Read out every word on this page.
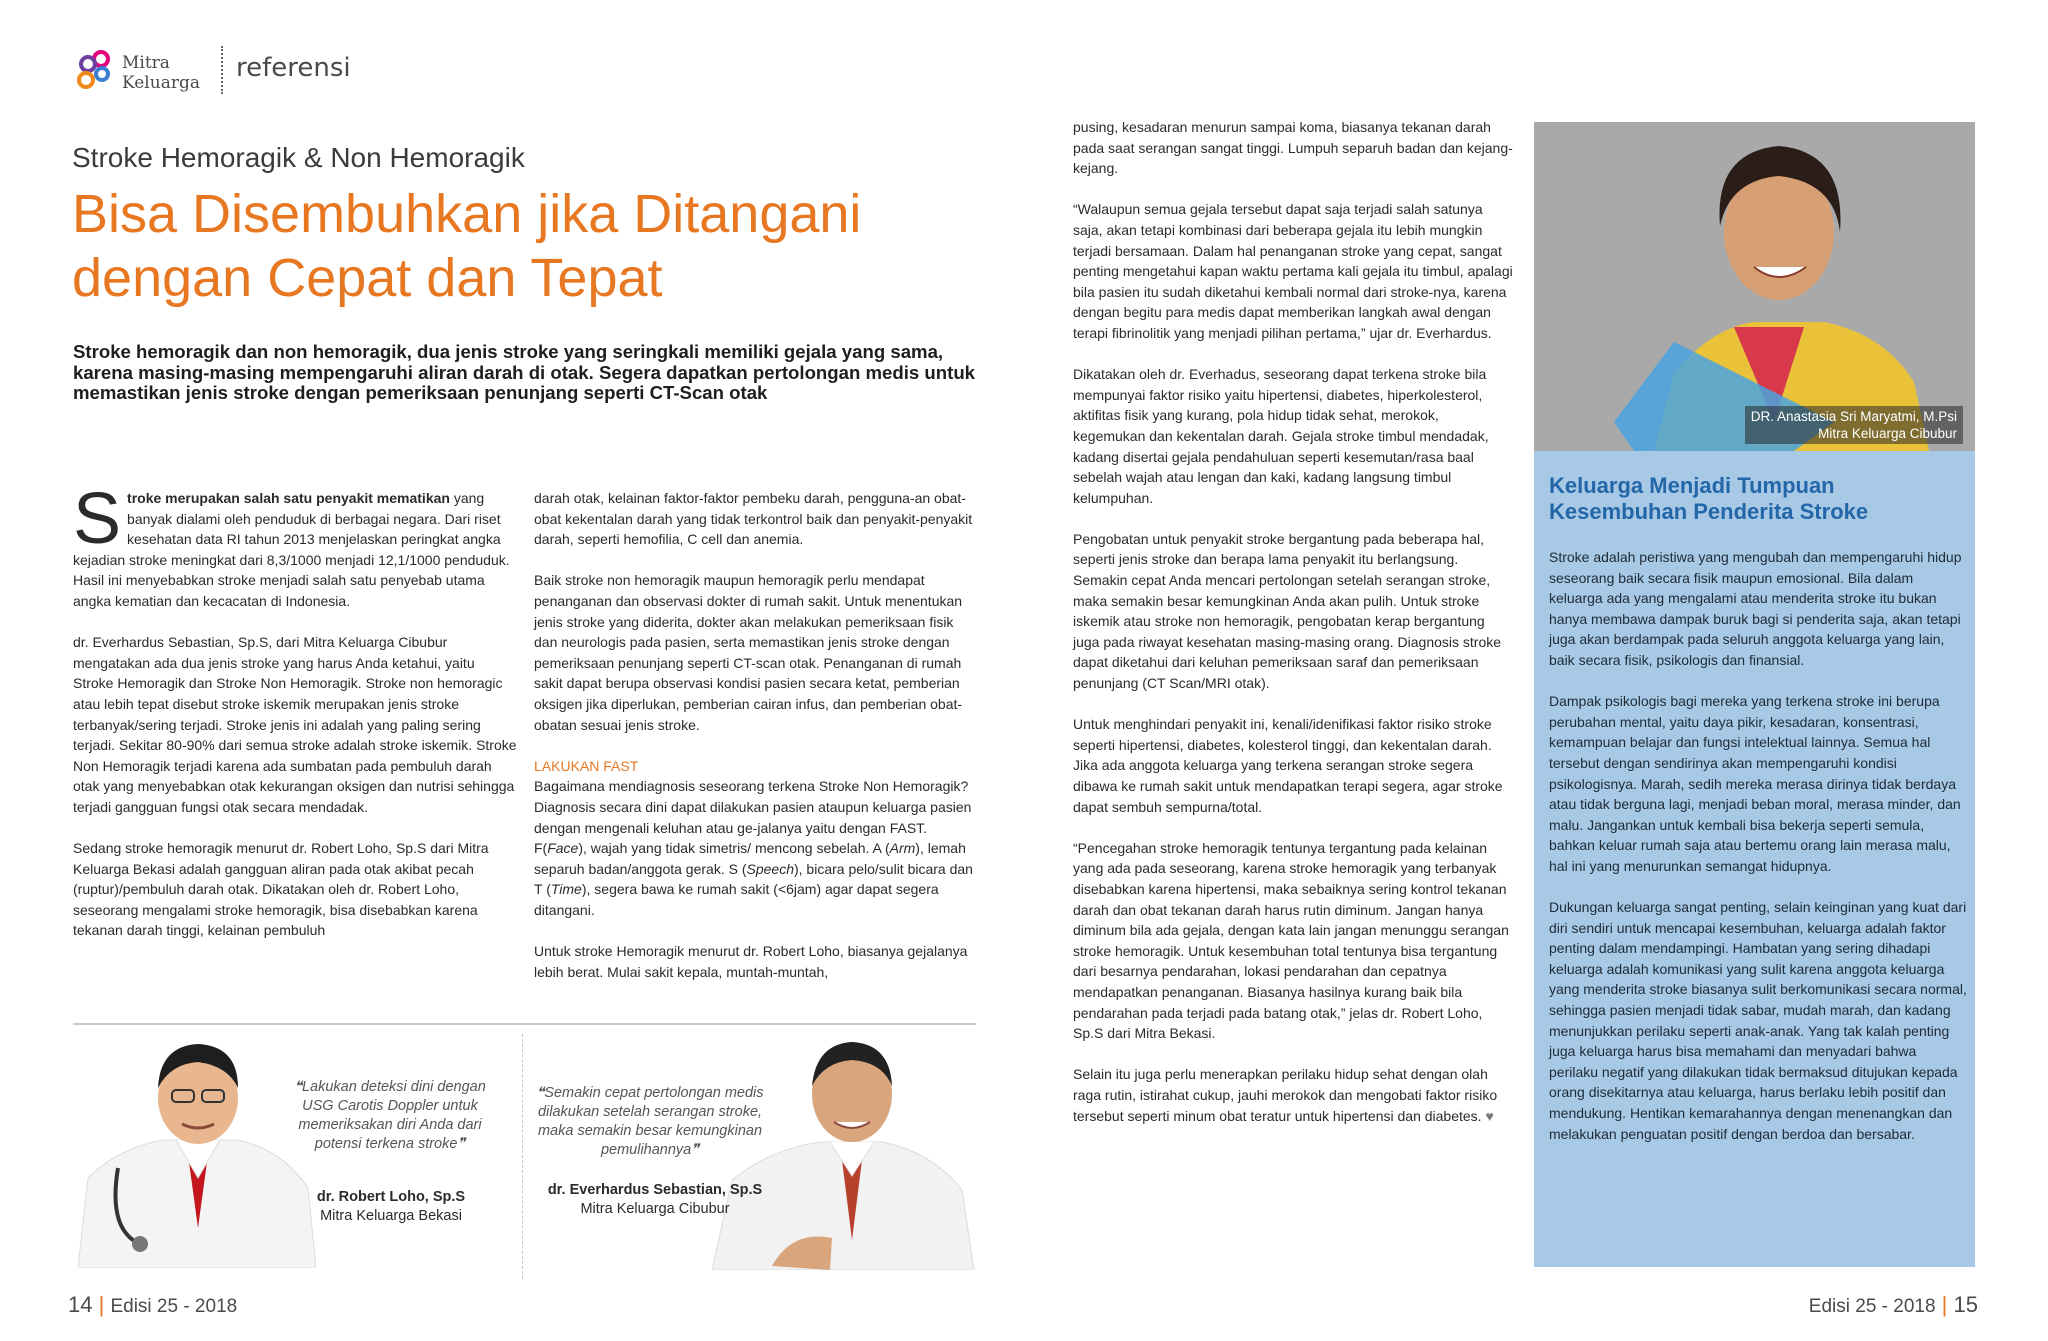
Mitra
Keluarga referensi
Stroke Hemoragik & Non Hemoragik
Bisa Disembuhkan jika Ditangani
dengan Cepat dan Tepat

Stroke hemoragik dan non hemoragik, dua jenis stroke yang seringkali memiliki gejala yang sama, karena masing-masing mempengaruhi aliran darah di otak. Segera dapatkan pertolongan medis untuk memastikan jenis stroke dengan pemeriksaan penunjang seperti CT-Scan otak

Stroke merupakan salah satu penyakit mematikan yang banyak dialami oleh penduduk di berbagai negara. Dari riset kesehatan data RI tahun 2013 menjelaskan peringkat angka kejadian stroke meningkat dari 8,3/1000 menjadi 12,1/1000 penduduk. Hasil ini menyebabkan stroke menjadi salah satu penyebab utama angka kematian dan kecacatan di Indonesia.

dr. Everhardus Sebastian, Sp.S, dari Mitra Keluarga Cibubur mengatakan ada dua jenis stroke yang harus Anda ketahui, yaitu Stroke Hemoragik dan Stroke Non Hemoragik. Stroke non hemoragic atau lebih tepat disebut stroke iskemik merupakan jenis stroke terbanyak/sering terjadi. Stroke jenis ini adalah yang paling sering terjadi. Sekitar 80-90% dari semua stroke adalah stroke iskemik. Stroke Non Hemoragik terjadi karena ada sumbatan pada pembuluh darah otak yang menyebabkan otak kekurangan oksigen dan nutrisi sehingga terjadi gangguan fungsi otak secara mendadak.

Sedang stroke hemoragik menurut dr. Robert Loho, Sp.S dari Mitra Keluarga Bekasi adalah gangguan aliran pada otak akibat pecah (ruptur)/pembuluh darah otak. Dikatakan oleh dr. Robert Loho, seseorang mengalami stroke hemoragik, bisa disebabkan karena tekanan darah tinggi, kelainan pembuluh

darah otak, kelainan faktor-faktor pembeku darah, pengguna-an obat-obat kekentalan darah yang tidak terkontrol baik dan penyakit-penyakit darah, seperti hemofilia, C cell dan anemia.

Baik stroke non hemoragik maupun hemoragik perlu mendapat penanganan dan observasi dokter di rumah sakit. Untuk menentukan jenis stroke yang diderita, dokter akan melakukan pemeriksaan fisik dan neurologis pada pasien, serta memastikan jenis stroke dengan pemeriksaan penunjang seperti CT-scan otak. Penanganan di rumah sakit dapat berupa observasi kondisi pasien secara ketat, pemberian oksigen jika diperlukan, pemberian cairan infus, dan pemberian obat-obatan sesuai jenis stroke.

LAKUKAN FAST

Bagaimana mendiagnosis seseorang terkena Stroke Non Hemoragik? Diagnosis secara dini dapat dilakukan pasien ataupun keluarga pasien dengan mengenali keluhan atau ge-jalanya yaitu dengan FAST. F(Face), wajah yang tidak simetris/ mencong sebelah. A (Arm), lemah separuh badan/anggota gerak. S (Speech), bicara pelo/sulit bicara dan T (Time), segera bawa ke rumah sakit (<6jam) agar dapat segera ditangani.

Untuk stroke Hemoragik menurut dr. Robert Loho, biasanya gejalanya lebih berat. Mulai sakit kepala, muntah-muntah,

❝Lakukan deteksi dini dengan USG Carotis Doppler untuk memeriksakan diri Anda dari potensi terkena stroke❞
dr. Robert Loho, Sp.S
Mitra Keluarga Bekasi
❝Semakin cepat pertolongan medis dilakukan setelah serangan stroke, maka semakin besar kemungkinan pemulihannya❞
dr. Everhardus Sebastian, Sp.S
Mitra Keluarga Cibubur

pusing, kesadaran menurun sampai koma, biasanya tekanan darah pada saat serangan sangat tinggi. Lumpuh separuh badan dan kejang-kejang.

“Walaupun semua gejala tersebut dapat saja terjadi salah satunya saja, akan tetapi kombinasi dari beberapa gejala itu lebih mungkin terjadi bersamaan. Dalam hal penanganan stroke yang cepat, sangat penting mengetahui kapan waktu pertama kali gejala itu timbul, apalagi bila pasien itu sudah diketahui kembali normal dari stroke-nya, karena dengan begitu para medis dapat memberikan langkah awal dengan terapi fibrinolitik yang menjadi pilihan pertama,” ujar dr. Everhardus.

Dikatakan oleh dr. Everhadus, seseorang dapat terkena stroke bila mempunyai faktor risiko yaitu hipertensi, diabetes, hiperkolesterol, aktifitas fisik yang kurang, pola hidup tidak sehat, merokok, kegemukan dan kekentalan darah. Gejala stroke timbul mendadak, kadang disertai gejala pendahuluan seperti kesemutan/rasa baal sebelah wajah atau lengan dan kaki, kadang langsung timbul kelumpuhan.

Pengobatan untuk penyakit stroke bergantung pada beberapa hal, seperti jenis stroke dan berapa lama penyakit itu berlangsung. Semakin cepat Anda mencari pertolongan setelah serangan stroke, maka semakin besar kemungkinan Anda akan pulih. Untuk stroke iskemik atau stroke non hemoragik, pengobatan kerap bergantung juga pada riwayat kesehatan masing-masing orang. Diagnosis stroke dapat diketahui dari keluhan pemeriksaan saraf dan pemeriksaan penunjang (CT Scan/MRI otak).

Untuk menghindari penyakit ini, kenali/idenifikasi faktor risiko stroke seperti hipertensi, diabetes, kolesterol tinggi, dan kekentalan darah. Jika ada anggota keluarga yang terkena serangan stroke segera dibawa ke rumah sakit untuk mendapatkan terapi segera, agar stroke dapat sembuh sempurna/total.

“Pencegahan stroke hemoragik tentunya tergantung pada kelainan yang ada pada seseorang, karena stroke hemoragik yang terbanyak disebabkan karena hipertensi, maka sebaiknya sering kontrol tekanan darah dan obat tekanan darah harus rutin diminum. Jangan hanya diminum bila ada gejala, dengan kata lain jangan menunggu serangan stroke hemoragik. Untuk kesembuhan total tentunya bisa tergantung dari besarnya pendarahan, lokasi pendarahan dan cepatnya mendapatkan penanganan. Biasanya hasilnya kurang baik bila pendarahan pada terjadi pada batang otak,” jelas dr. Robert Loho, Sp.S dari Mitra Bekasi.

Selain itu juga perlu menerapkan perilaku hidup sehat dengan olah raga rutin, istirahat cukup, jauhi merokok dan mengobati faktor risiko tersebut seperti minum obat teratur untuk hipertensi dan diabetes. ♥

DR. Anastasia Sri Maryatmi, M.Psi
Mitra Keluarga Cibubur
Keluarga Menjadi Tumpuan Kesembuhan Penderita Stroke

Stroke adalah peristiwa yang mengubah dan mempengaruhi hidup seseorang baik secara fisik maupun emosional. Bila dalam keluarga ada yang mengalami atau menderita stroke itu bukan hanya membawa dampak buruk bagi si penderita saja, akan tetapi juga akan berdampak pada seluruh anggota keluarga yang lain, baik secara fisik, psikologis dan finansial.

Dampak psikologis bagi mereka yang terkena stroke ini berupa perubahan mental, yaitu daya pikir, kesadaran, konsentrasi, kemampuan belajar dan fungsi intelektual lainnya. Semua hal tersebut dengan sendirinya akan mempengaruhi kondisi psikologisnya. Marah, sedih mereka merasa dirinya tidak berdaya atau tidak berguna lagi, menjadi beban moral, merasa minder, dan malu. Jangankan untuk kembali bisa bekerja seperti semula, bahkan keluar rumah saja atau bertemu orang lain merasa malu, hal ini yang menurunkan semangat hidupnya.

Dukungan keluarga sangat penting, selain keinginan yang kuat dari diri sendiri untuk mencapai kesembuhan, keluarga adalah faktor penting dalam mendampingi. Hambatan yang sering dihadapi keluarga adalah komunikasi yang sulit karena anggota keluarga yang menderita stroke biasanya sulit berkomunikasi secara normal, sehingga pasien menjadi tidak sabar, mudah marah, dan kadang menunjukkan perilaku seperti anak-anak. Yang tak kalah penting juga keluarga harus bisa memahami dan menyadari bahwa perilaku negatif yang dilakukan tidak bermaksud ditujukan kepada orang disekitarnya atau keluarga, harus berlaku lebih positif dan mendukung. Hentikan kemarahannya dengan menenangkan dan melakukan penguatan positif dengan berdoa dan bersabar.

14 | Edisi 25 - 2018	Edisi 25 - 2018 | 15
